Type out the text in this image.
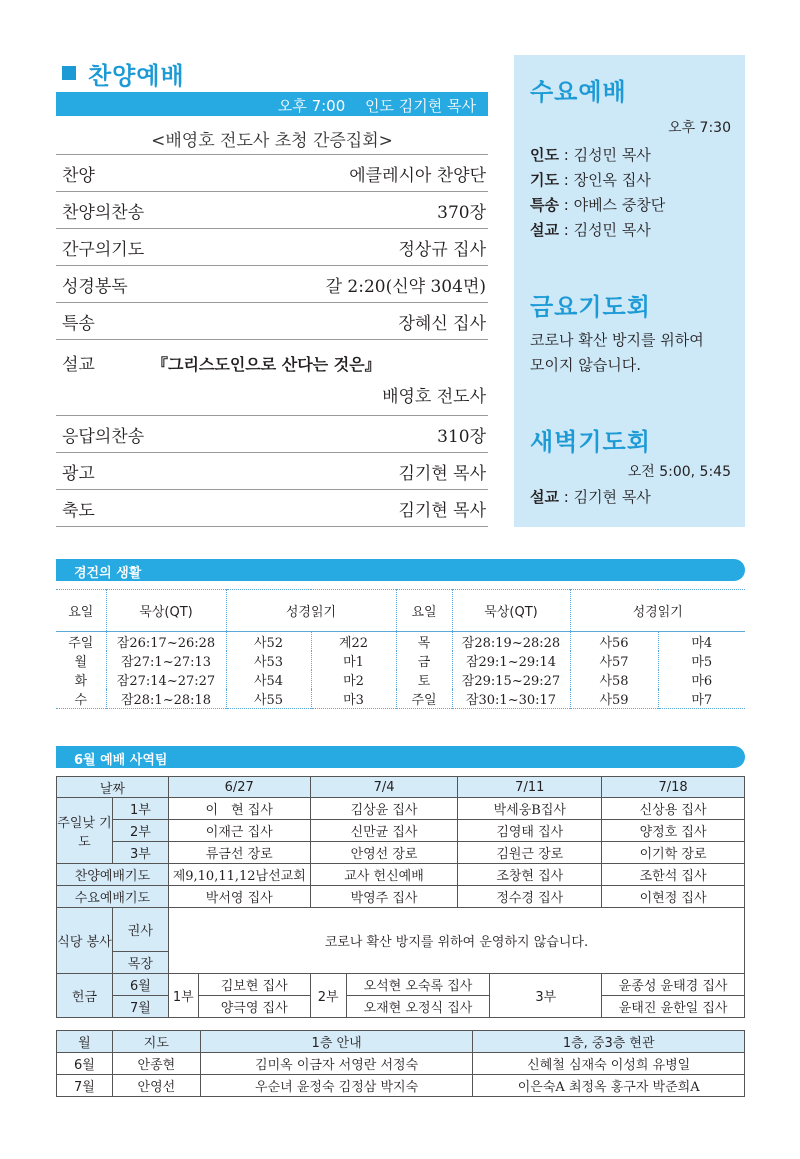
찬양예배
오후 7:00　 인도 김기현 목사
<배영호 전도사 초청 간증집회>
찬양	에클레시아 찬양단
찬양의찬송	370장
간구의기도	정상규 집사
성경봉독	갈 2:20(신약 304면)
특송	장혜신 집사
설교	『그리스도인으로 산다는 것은』
배영호 전도사
응답의찬송	310장
광고	김기현 목사
축도	김기현 목사
수요예배
오후 7:30
인도 : 김성민 목사
기도 : 장인옥 집사
특송 : 야베스 중창단
설교 : 김성민 목사
금요기도회
코로나 확산 방지를 위하여
모이지 않습니다.
새벽기도회
오전 5:00, 5:45
설교 : 김기현 목사
경건의 생활
요일	묵상(QT)	성경읽기		요일	묵상(QT)	성경읽기	
주일	잠26:17~26:28	사52	계22	목	잠28:19~28:28	사56	마4
월	잠27:1~27:13	사53	마1	금	잠29:1~29:14	사57	마5
화	잠27:14~27:27	사54	마2	토	잠29:15~29:27	사58	마6
수	잠28:1~28:18	사55	마3	주일	잠30:1~30:17	사59	마7
6월 예배 사역팀
날짜		6/27		7/4		7/11		7/18
주일낮 기도	1부	이　현 집사		김상윤 집사		박세웅B집사		신상용 집사
	2부	이재근 집사		신만균 집사		김영태 집사		양정호 집사
	3부	류금선 장로		안영선 장로		김원근 장로		이기학 장로
찬양예배기도		제9,10,11,12남선교회		교사 헌신예배		조창현 집사		조한석 집사
수요예배기도		박서영 집사		박영주 집사		정수경 집사		이현정 집사
식당 봉사	권사	코로나 확산 방지를 위하여 운영하지 않습니다.						
	목장							
헌금	6월	1부	김보현 집사	2부	오석현 오숙록 집사		3부	윤종성 윤태경 집사
	7월		양극영 집사		오재현 오정식 집사			윤태진 윤한일 집사
월	지도	1층 안내	1층, 중3층 현관
6월	안종현	김미옥 이금자 서영란 서정숙	신혜철 심재숙 이성희 유병일
7월	안영선	우순녀 윤정숙 김정삼 박지숙	이은숙A 최정옥 홍구자 박준희A
